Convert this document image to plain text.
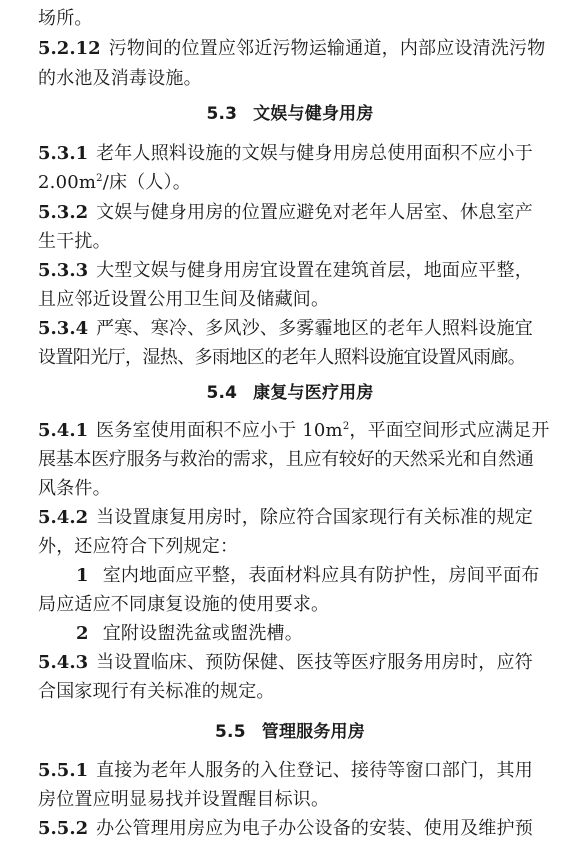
场所。
5.2.12 污物间的位置应邻近污物运输通道，内部应设清洗污物
的水池及消毒设施。
5.3 文娱与健身用房
5.3.1 老年人照料设施的文娱与健身用房总使用面积不应小于
$2.00m^2/$床（人）。
5.3.2 文娱与健身用房的位置应避免对老年人居室、休息室产
生干扰。
5.3.3 大型文娱与健身用房宜设置在建筑首层，地面应平整，
且应邻近设置公用卫生间及储藏间。
5.3.4 严寒、寒冷、多风沙、多雾霾地区的老年人照料设施宜
设置阳光厅，湿热、多雨地区的老年人照料设施宜设置风雨廊。
5.4 康复与医疗用房
5.4.1 医务室使用面积不应小于 $10m^2$，平面空间形式应满足开
展基本医疗服务与救治的需求，且应有较好的天然采光和自然通
风条件。
5.4.2 当设置康复用房时，除应符合国家现行有关标准的规定
外，还应符合下列规定：
1 室内地面应平整，表面材料应具有防护性，房间平面布
局应适应不同康复设施的使用要求。
2 宜附设盥洗盆或盥洗槽。
5.4.3 当设置临床、预防保健、医技等医疗服务用房时，应符
合国家现行有关标准的规定。
5.5 管理服务用房
5.5.1 直接为老年人服务的入住登记、接待等窗口部门，其用
房位置应明显易找并设置醒目标识。
5.5.2 办公管理用房应为电子办公设备的安装、使用及维护预
